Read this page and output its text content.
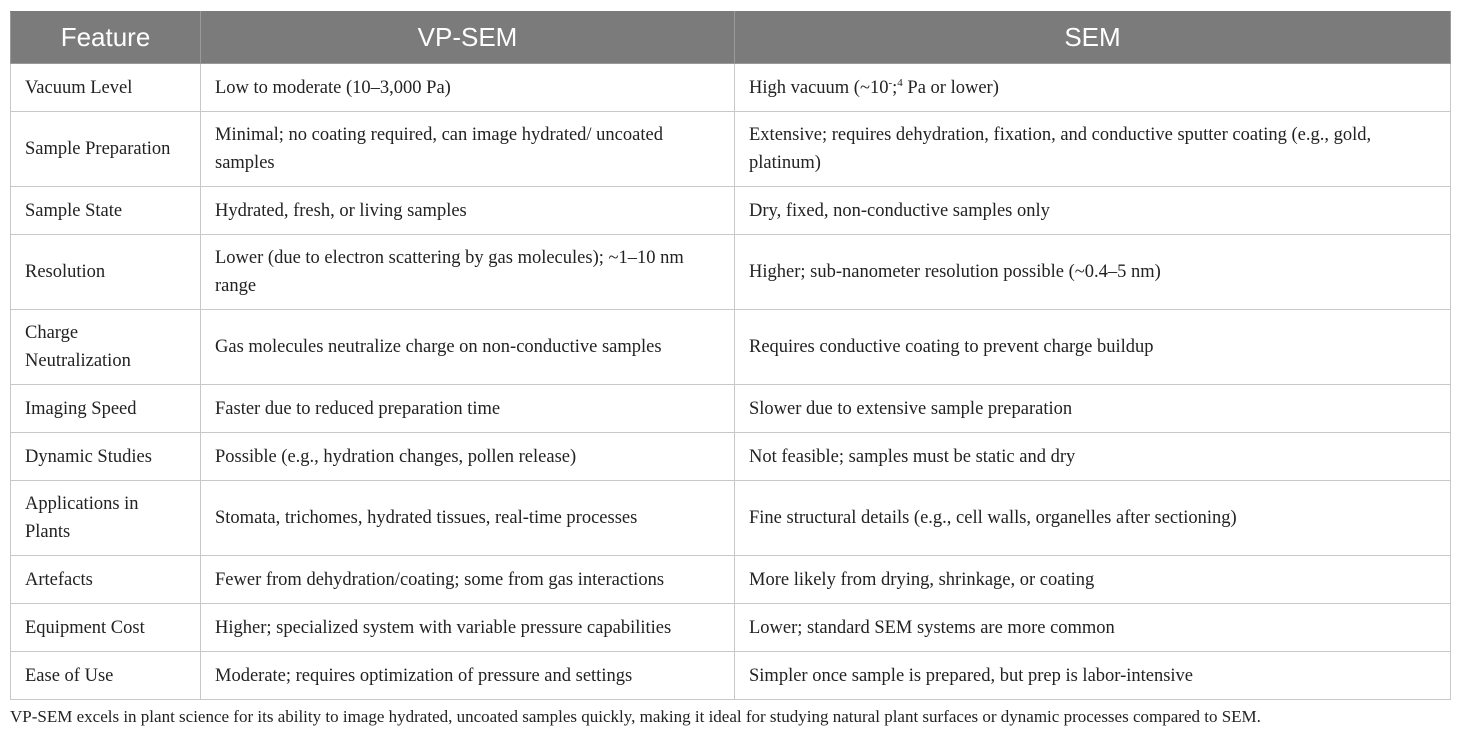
Feature	VP-SEM	SEM
Vacuum Level	Low to moderate (10–3,000 Pa)	High vacuum (~10-;$^4$ Pa or lower)
Sample Preparation	Minimal; no coating required, can image hydrated/ uncoated samples	Extensive; requires dehydration, fixation, and conductive sputter coating (e.g., gold, platinum)
Sample State	Hydrated, fresh, or living samples	Dry, fixed, non-conductive samples only
Resolution	Lower (due to electron scattering by gas molecules); ~1–10 nm range	Higher; sub-nanometer resolution possible (~0.4–5 nm)
Charge Neutralization	Gas molecules neutralize charge on non-conductive samples	Requires conductive coating to prevent charge buildup
Imaging Speed	Faster due to reduced preparation time	Slower due to extensive sample preparation
Dynamic Studies	Possible (e.g., hydration changes, pollen release)	Not feasible; samples must be static and dry
Applications in Plants	Stomata, trichomes, hydrated tissues, real-time processes	Fine structural details (e.g., cell walls, organelles after sectioning)
Artefacts	Fewer from dehydration/coating; some from gas interactions	More likely from drying, shrinkage, or coating
Equipment Cost	Higher; specialized system with variable pressure capabilities	Lower; standard SEM systems are more common
Ease of Use	Moderate; requires optimization of pressure and settings	Simpler once sample is prepared, but prep is labor-intensive
VP-SEM excels in plant science for its ability to image hydrated, uncoated samples quickly, making it ideal for studying natural plant surfaces or dynamic processes compared to SEM.
